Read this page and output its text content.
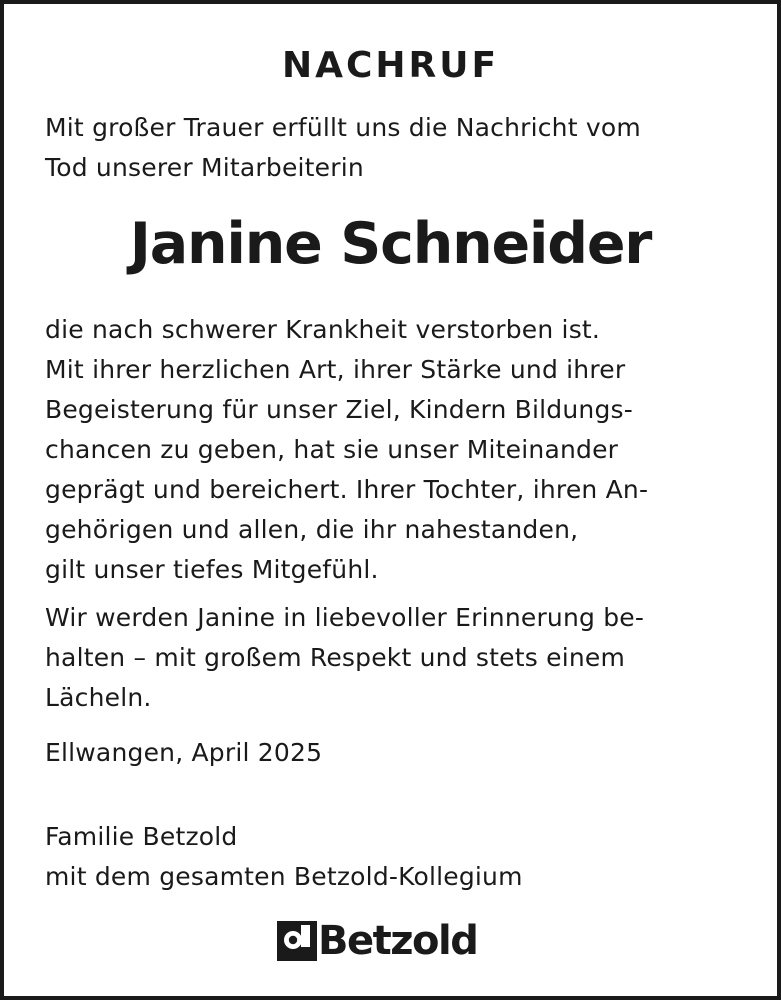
NACHRUF
Mit großer Trauer erfüllt uns die Nachricht vom
Tod unserer Mitarbeiterin
Janine Schneider
die nach schwerer Krankheit verstorben ist.
Mit ihrer herzlichen Art, ihrer Stärke und ihrer
Begeisterung für unser Ziel, Kindern Bildungs-
chancen zu geben, hat sie unser Miteinander
geprägt und bereichert. Ihrer Tochter, ihren An-
gehörigen und allen, die ihr nahestanden,
gilt unser tiefes Mitgefühl.
Wir werden Janine in liebevoller Erinnerung be-
halten – mit großem Respekt und stets einem
Lächeln.
Ellwangen, April 2025
Familie Betzold
mit dem gesamten Betzold-Kollegium
Betzold
